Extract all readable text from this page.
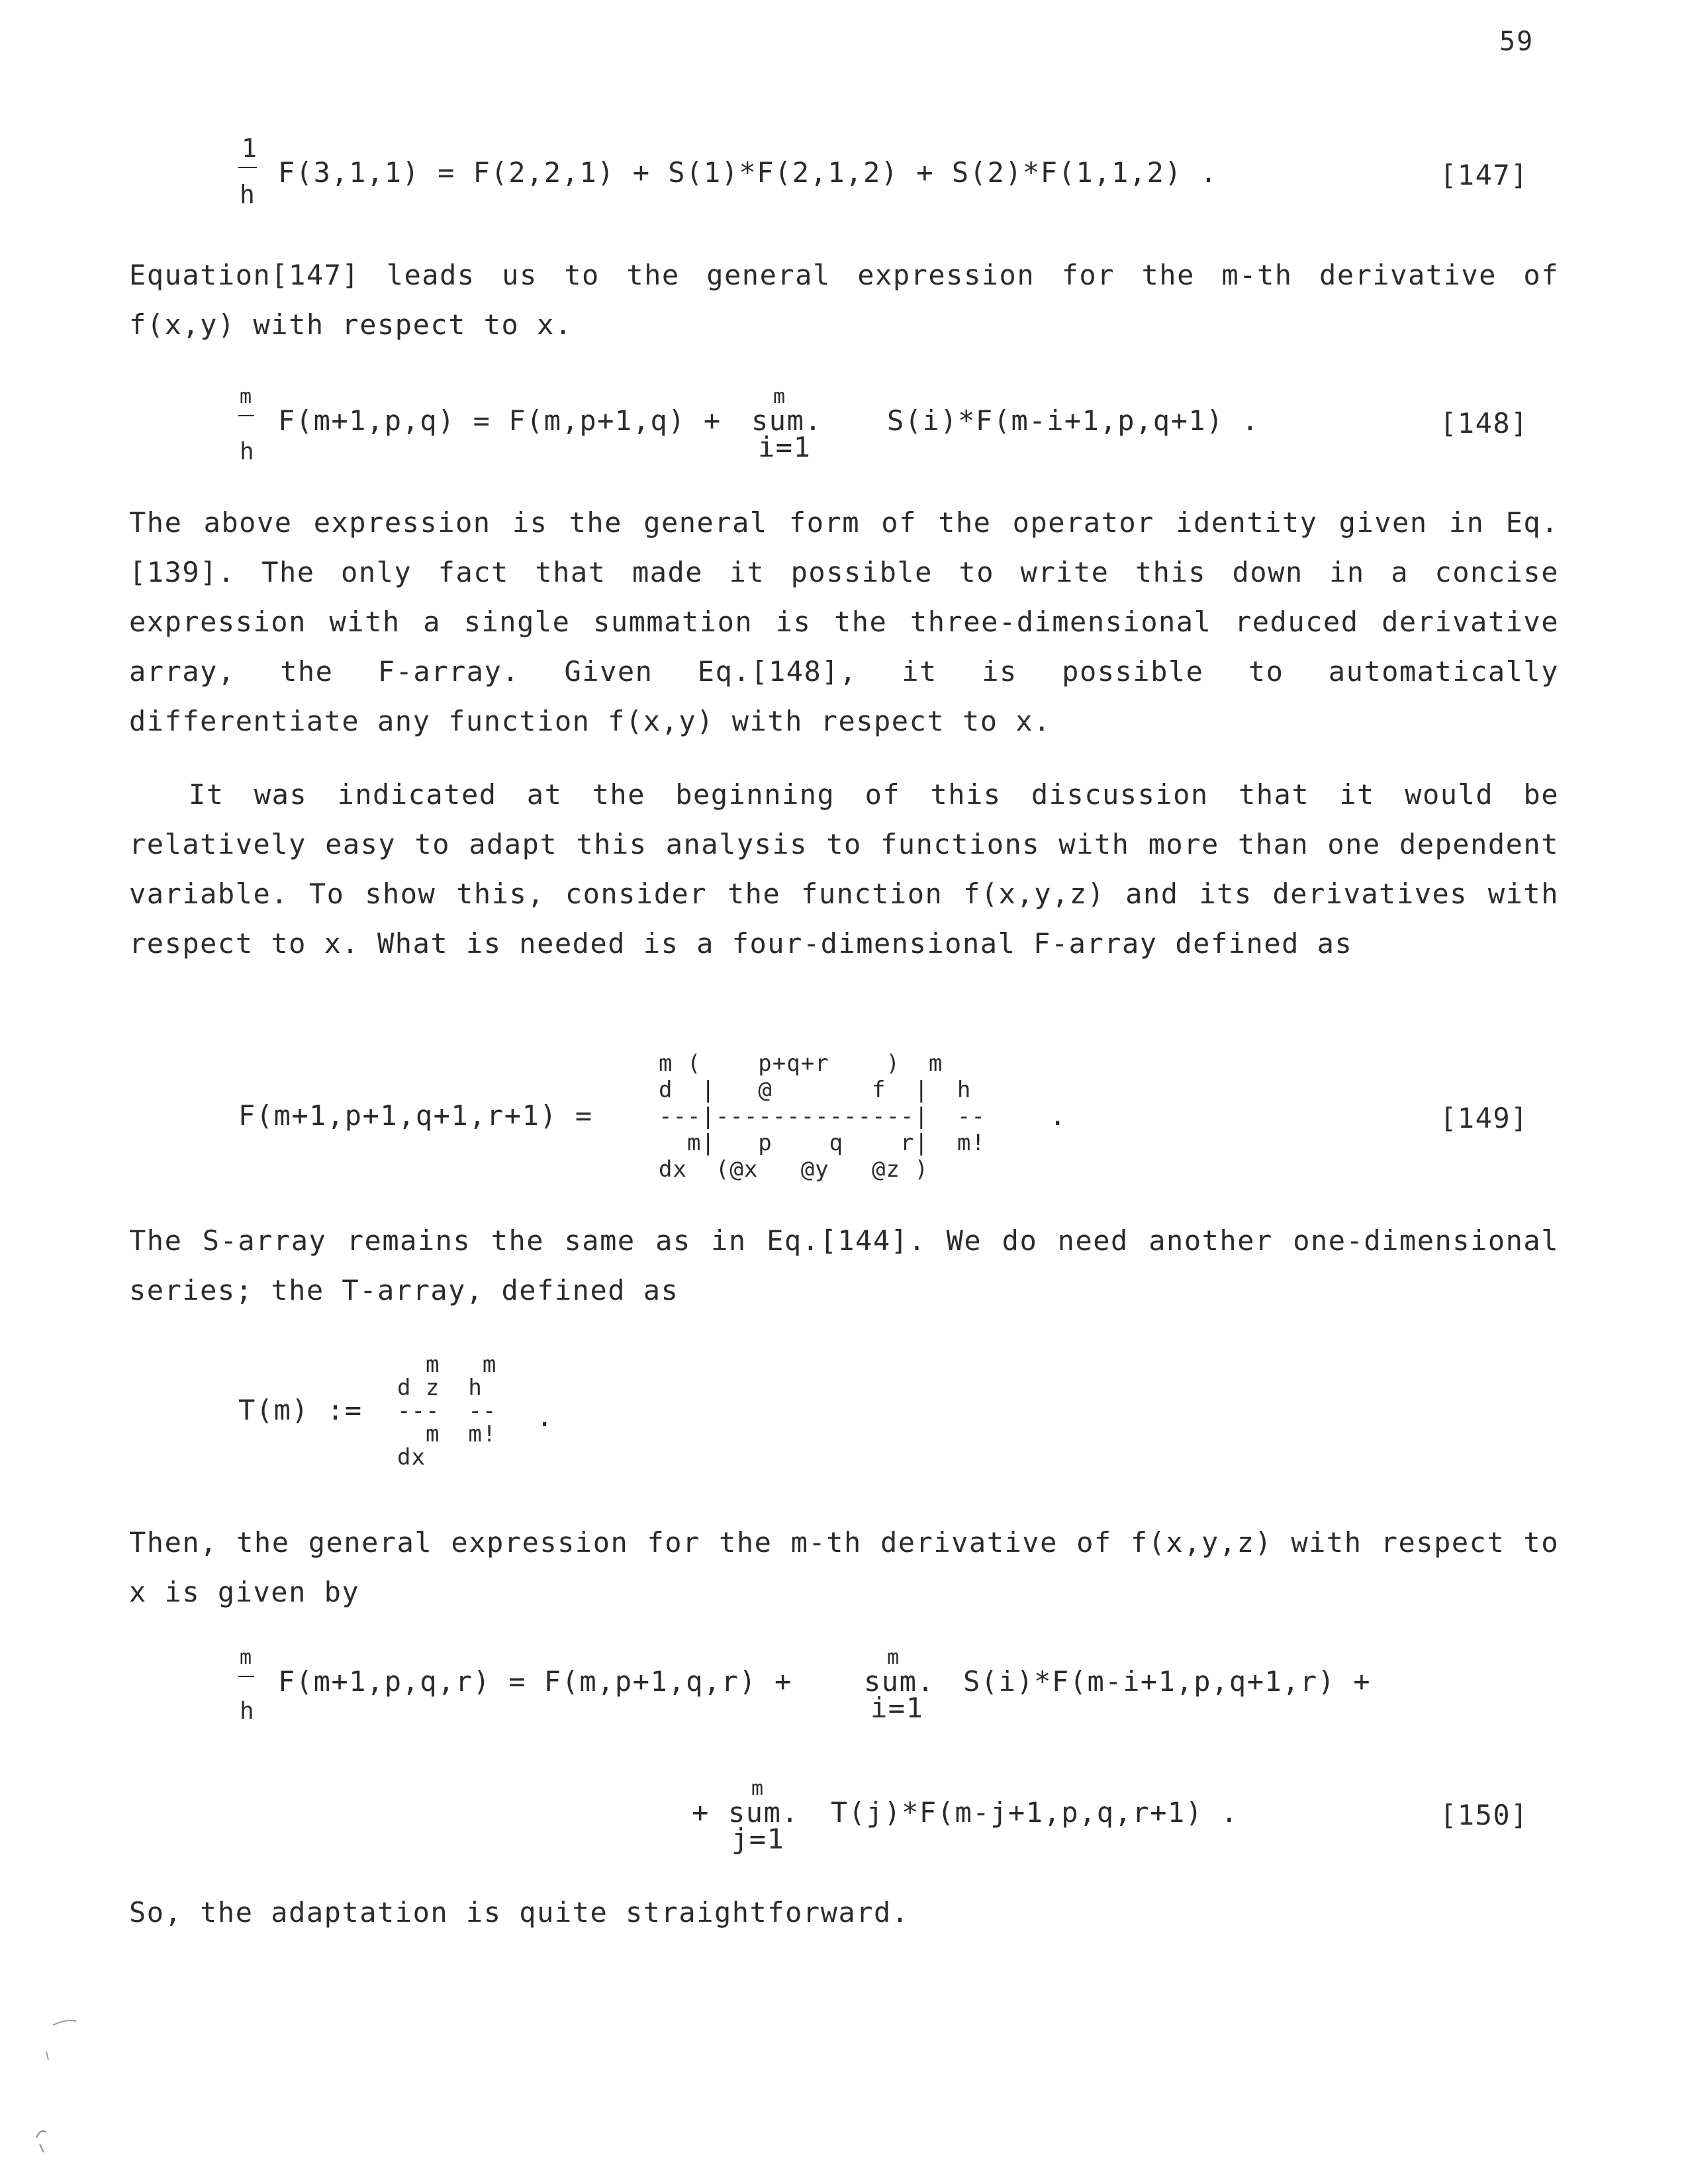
59
1
h
F(3,1,1) = F(2,2,1) + S(1)*F(2,1,2) + S(2)*F(1,1,2) .	[147]

Equation[147] leads us to the general expression for the m-th derivative of f(x,y) with respect to x.

m
h
F(m+1,p,q) = F(m,p+1,q) +
m
sum.
i=1
S(i)*F(m-i+1,p,q+1) .	[148]

The above expression is the general form of the operator identity given in Eq.[139]. The only fact that made it possible to write this down in a concise expression with a single summation is the three-dimensional reduced derivative array, the F-array. Given Eq.[148], it is possible to automatically differentiate any function f(x,y) with respect to x.

It was indicated at the beginning of this discussion that it would be relatively easy to adapt this analysis to functions with more than one dependent variable. To show this, consider the function f(x,y,z) and its derivatives with respect to x. What is needed is a four-dimensional F-array defined as

F(m+1,p+1,q+1,r+1) =
m (    p+q+r    )  m
d  |   @       f  |  h
---|--------------|  --
m|   p    q    r|  m!
dx  (@x   @y   @z )
.	[149]

The S-array remains the same as in Eq.[144]. We do need another one-dimensional series; the T-array, defined as

T(m) :=
m   m
d z  h
---  --
m  m!
dx
.

Then, the general expression for the m-th derivative of f(x,y,z) with respect to x is given by

m
h
F(m+1,p,q,r) = F(m,p+1,q,r) +
m
sum.
i=1
S(i)*F(m-i+1,p,q+1,r) +
+
m
sum.
j=1
T(j)*F(m-j+1,p,q,r+1) .	[150]

So, the adaptation is quite straightforward.
